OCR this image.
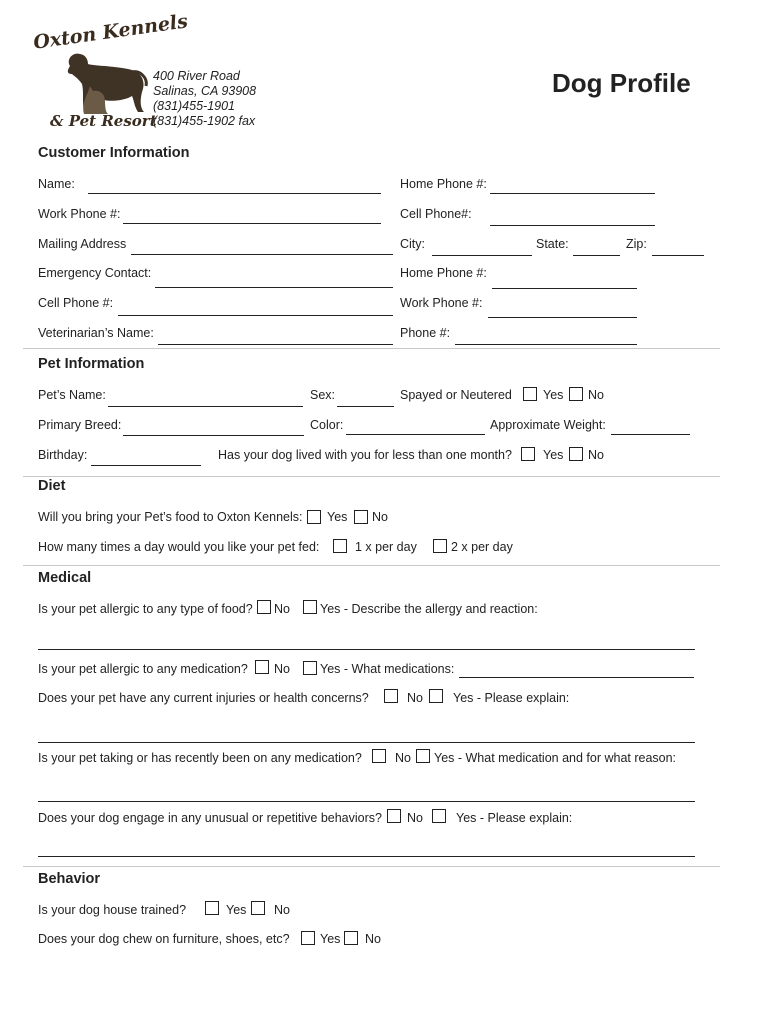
Oxton Kennels
& Pet Resort
400 River Road
Salinas, CA 93908
(831)455-1901
(831)455-1902 fax
Dog Profile
Customer Information
Name:	Home Phone #:
Work Phone #:	Cell Phone#:
Mailing Address	City:	State:	Zip:
Emergency Contact:	Home Phone #:
Cell Phone #:	Work Phone #:
Veterinarian’s Name:	Phone #:
Pet Information
Pet’s Name:	Sex:	Spayed or Neutered Yes No
Primary Breed:	Color:	Approximate Weight:
Birthday:	Has your dog lived with you for less than one month? Yes No
Diet
Will you bring your Pet’s food to Oxton Kennels: Yes No
How many times a day would you like your pet fed:	1 x per day	2 x per day
Medical
Is your pet allergic to any type of food? No Yes - Describe the allergy and reaction:
Is your pet allergic to any medication? No Yes - What medications:
Does your pet have any current injuries or health concerns?	No Yes - Please explain:
Is your pet taking or has recently been on any medication?	No Yes - What medication and for what reason:
Does your dog engage in any unusual or repetitive behaviors? No	Yes - Please explain:
Behavior
Is your dog house trained?	Yes No
Does your dog chew on furniture, shoes, etc? Yes No
